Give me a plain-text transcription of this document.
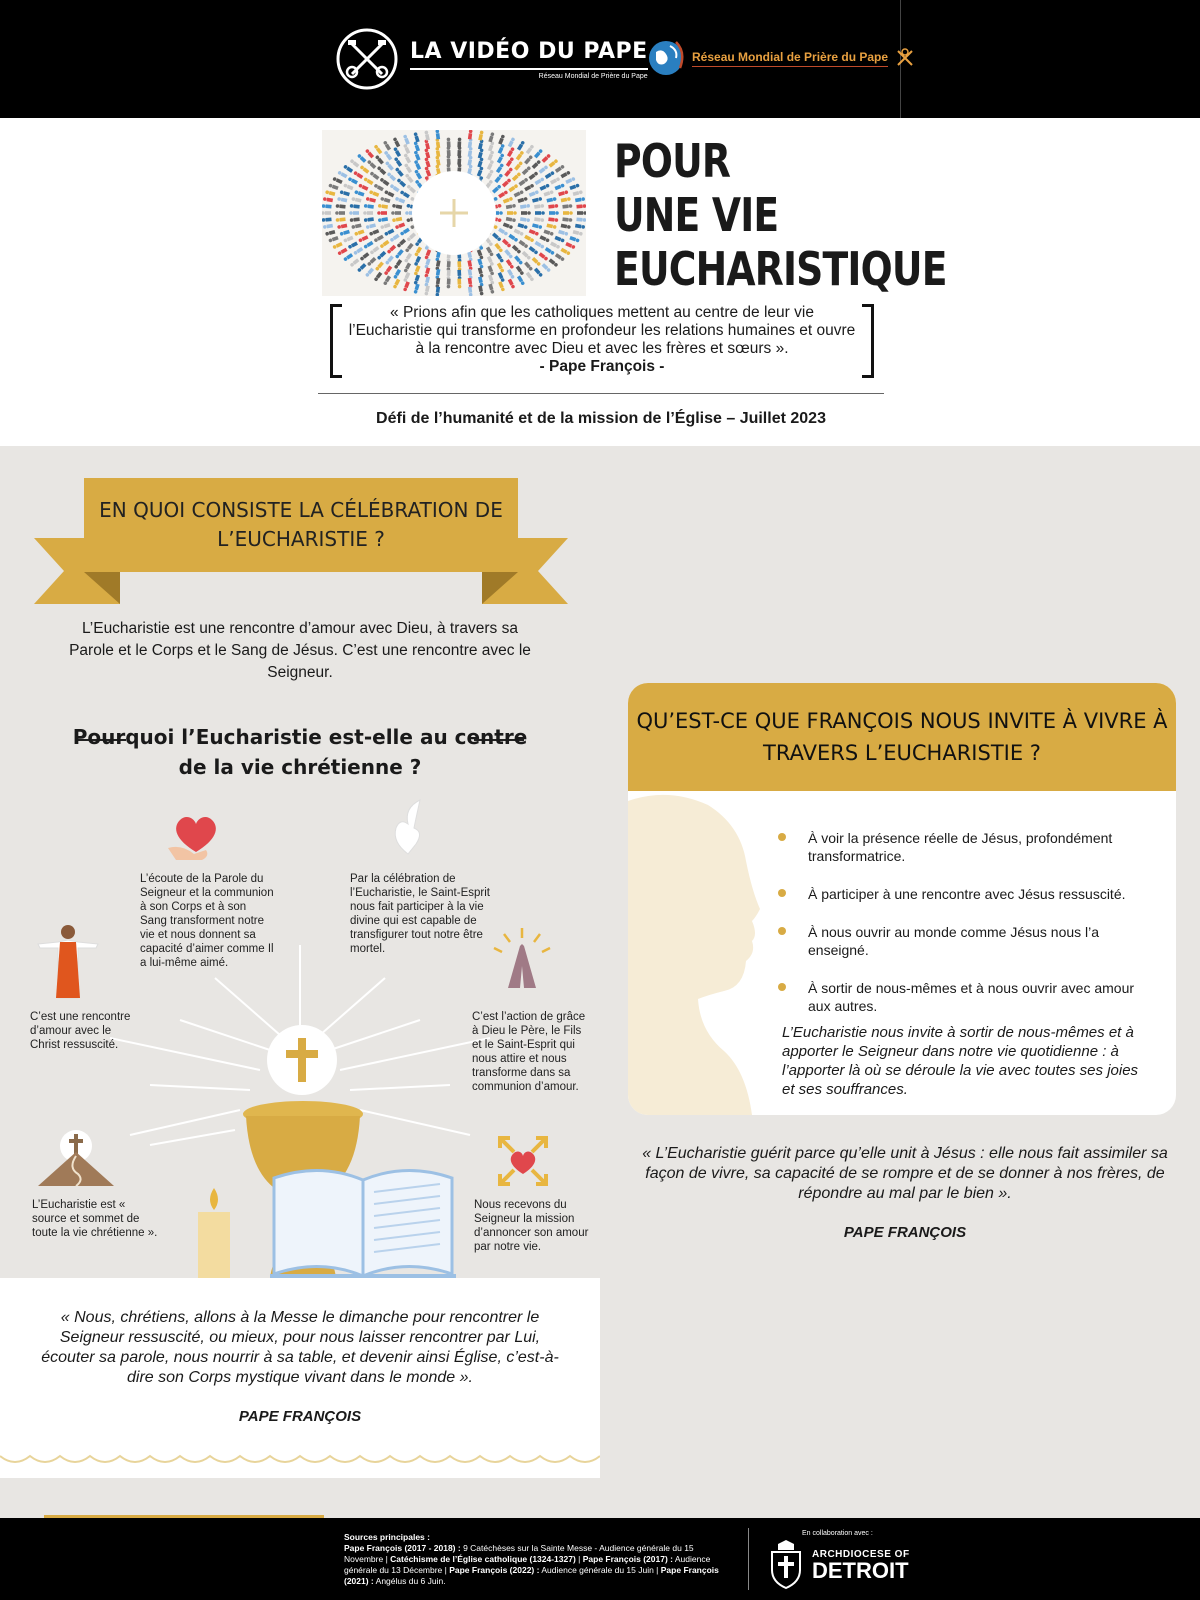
LA VIDÉO DU PAPE
Réseau Mondial de Prière du Pape
Réseau Mondial de Prière du Pape
POUR
UNE VIE
EUCHARISTIQUE
« Prions afin que les catholiques mettent au centre de leur vie l’Eucharistie qui transforme en profondeur les relations humaines et ouvre à la rencontre avec Dieu et avec les frères et sœurs ».
- Pape François -
Défi de l’humanité et de la mission de l’Église – Juillet 2023
EN QUOI CONSISTE LA CÉLÉBRATION DE L’EUCHARISTIE ?
L’Eucharistie est une rencontre d’amour avec Dieu, à travers sa Parole et le Corps et le Sang de Jésus. C’est une rencontre avec le Seigneur.
Pourquoi l’Eucharistie est-elle au centre de la vie chrétienne ?
L’écoute de la Parole du Seigneur et la communion à son Corps et à son Sang transforment notre vie et nous donnent sa capacité d’aimer comme Il a lui-même aimé.
Par la célébration de l’Eucharistie, le Saint-Esprit nous fait participer à la vie divine qui est capable de transfigurer tout notre être mortel.
C’est une rencontre d’amour avec le Christ ressuscité.
C’est l’action de grâce à Dieu le Père, le Fils et le Saint-Esprit qui nous attire et nous transforme dans sa communion d’amour.
L’Eucharistie est « source et sommet de toute la vie chrétienne ».
Nous recevons du Seigneur la mission d’annoncer son amour par notre vie.
« Nous, chrétiens, allons à la Messe le dimanche pour rencontrer le Seigneur ressuscité, ou mieux, pour nous laisser rencontrer par Lui, écouter sa parole, nous nourrir à sa table, et devenir ainsi Église, c’est-à-dire son Corps mystique vivant dans le monde ».
PAPE FRANÇOIS
QU’EST-CE QUE FRANÇOIS NOUS INVITE À VIVRE À TRAVERS L’EUCHARISTIE ?
À voir la présence réelle de Jésus, profondément transformatrice.
À participer à une rencontre avec Jésus ressuscité.
À nous ouvrir au monde comme Jésus nous l’a enseigné.
À sortir de nous-mêmes et à nous ouvrir avec amour aux autres.
L’Eucharistie nous invite à sortir de nous-mêmes et à apporter le Seigneur dans notre vie quotidienne : à l’apporter là où se déroule la vie avec toutes ses joies et ses souffrances.
« L’Eucharistie guérit parce qu’elle unit à Jésus : elle nous fait assimiler sa façon de vivre, sa capacité de se rompre et de se donner à nos frères, de répondre au mal par le bien ».
PAPE FRANÇOIS
Sources principales :
Pape François (2017 - 2018) : 9 Catéchèses sur la Sainte Messe - Audience générale du 15 Novembre | Catéchisme de l’Église catholique (1324-1327) | Pape François (2017) : Audience générale du 13 Décembre | Pape François (2022) : Audience générale du 15 Juin | Pape François (2021) : Angélus du 6 Juin.
En collaboration avec :
ARCHDIOCESE OF
DETROIT
